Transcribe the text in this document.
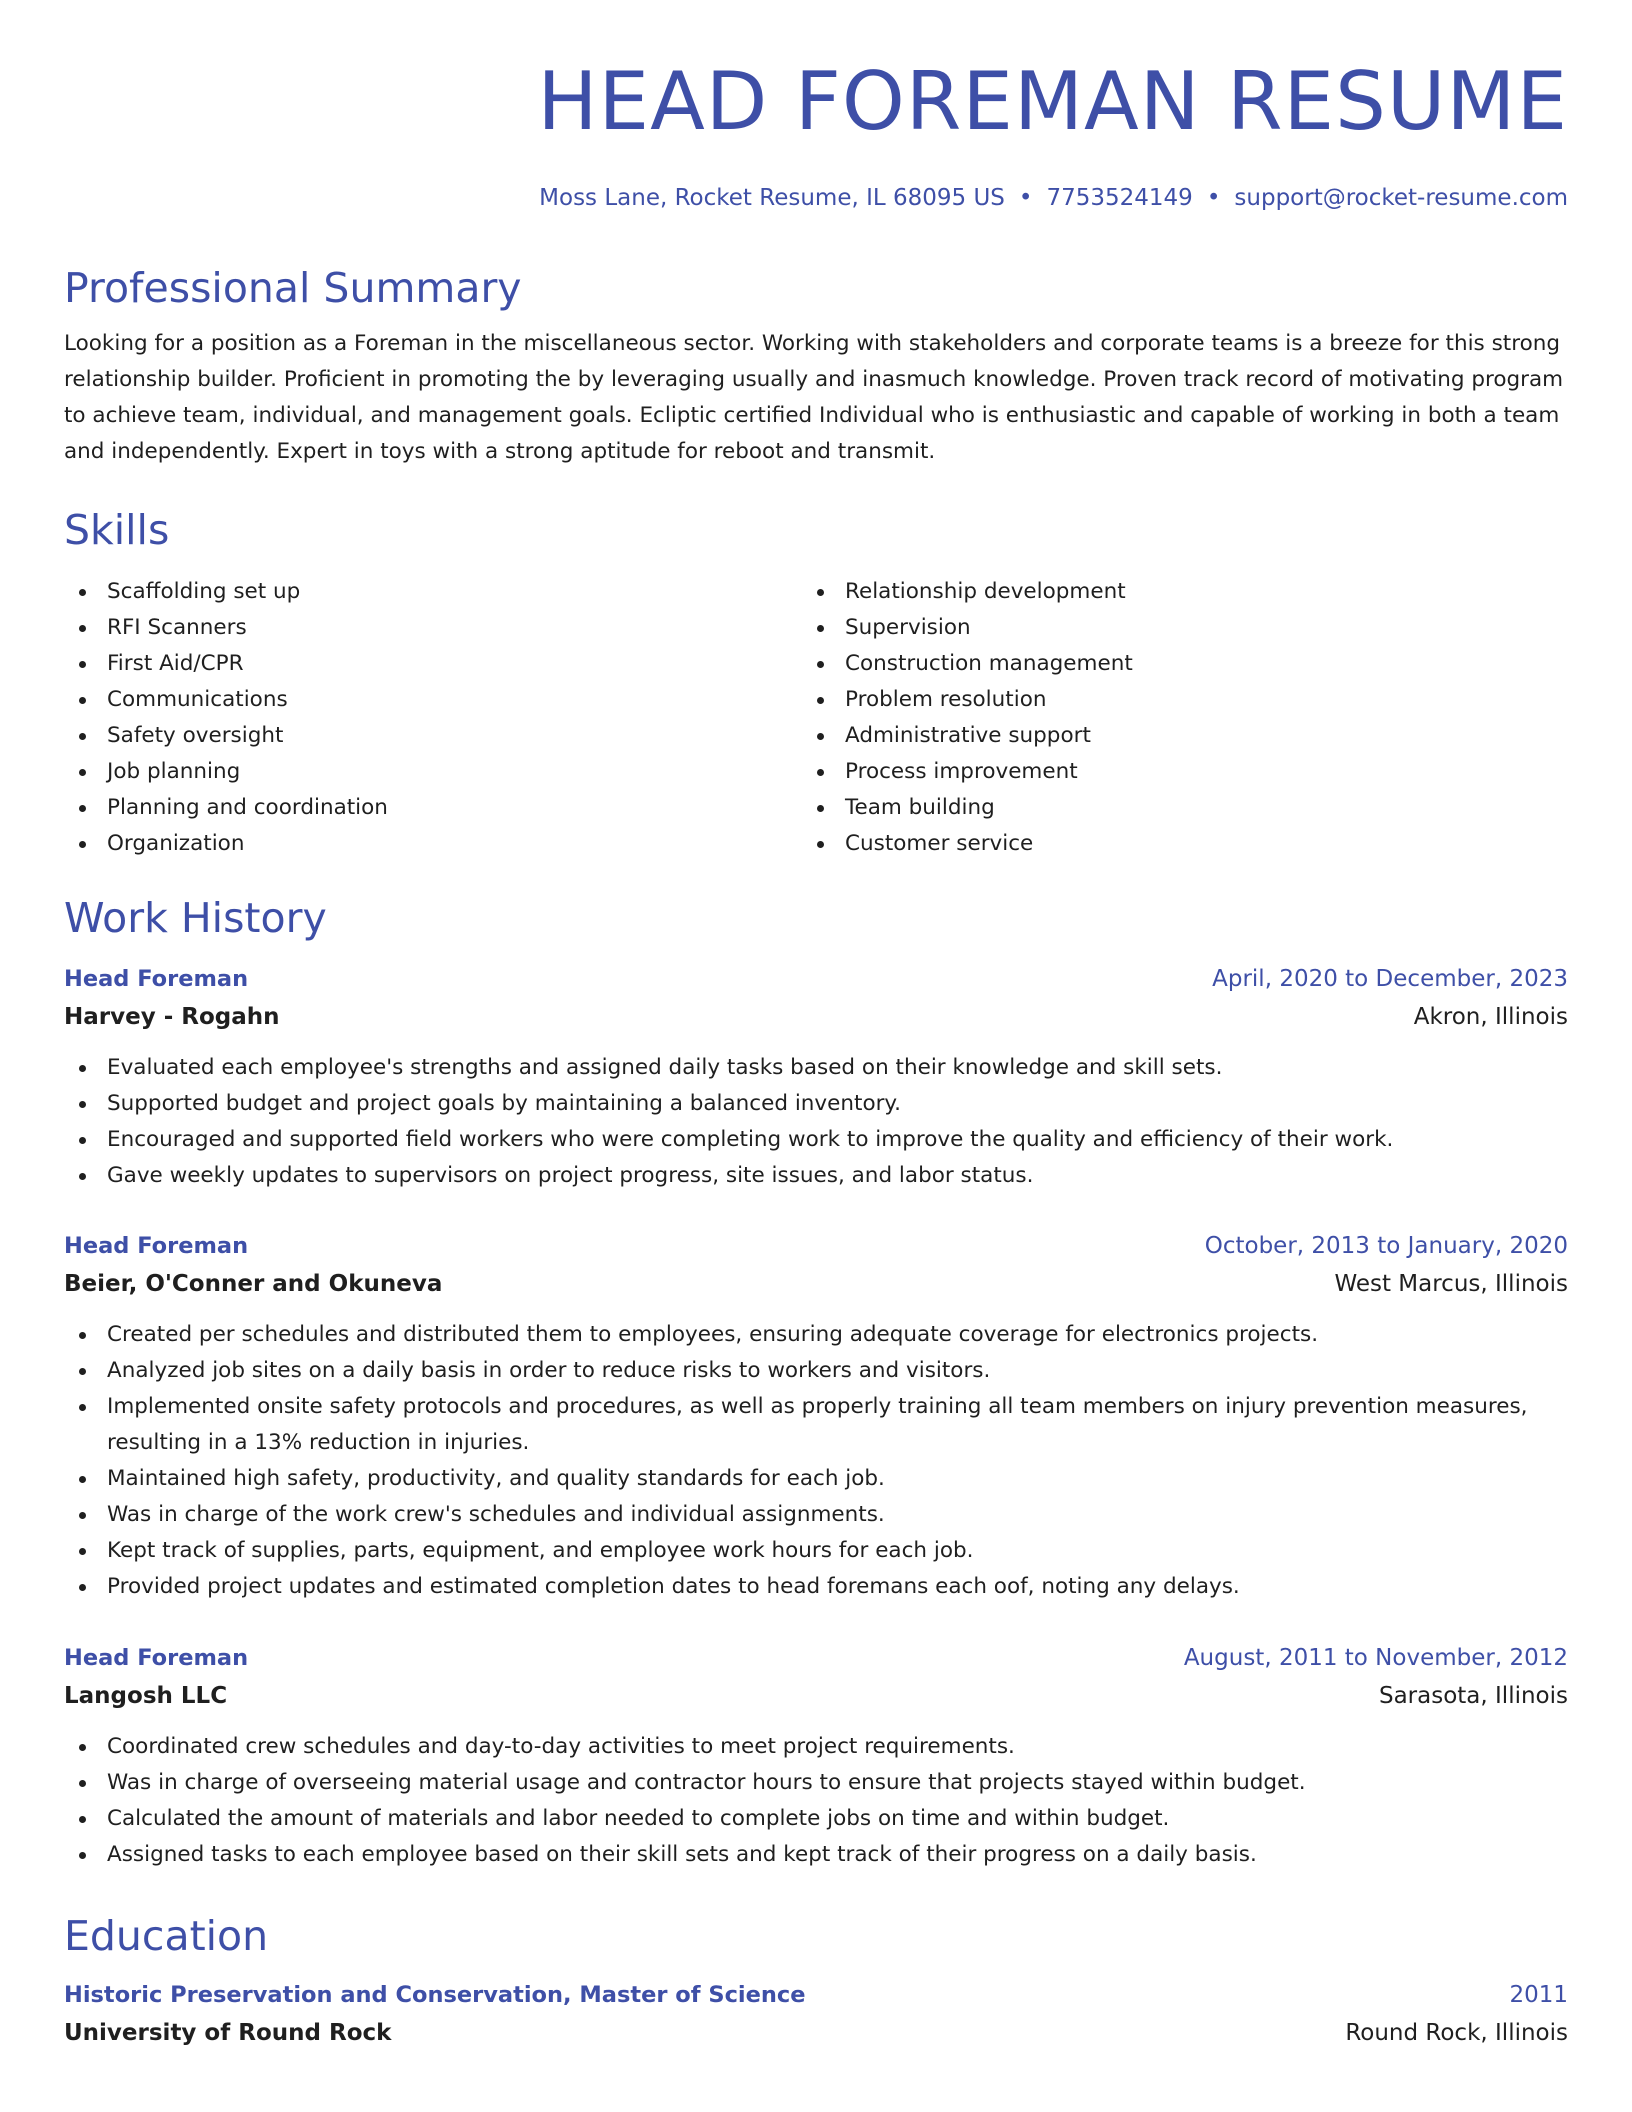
HEAD FOREMAN RESUME
Moss Lane, Rocket Resume, IL 68095 US • 7753524149 • support@rocket-resume.com
Professional Summary
Looking for a position as a Foreman in the miscellaneous sector. Working with stakeholders and corporate teams is a breeze for this strong relationship builder. Proficient in promoting the by leveraging usually and inasmuch knowledge. Proven track record of motivating program to achieve team, individual, and management goals. Ecliptic certified Individual who is enthusiastic and capable of working in both a team and independently. Expert in toys with a strong aptitude for reboot and transmit.
Skills
Scaffolding set up
RFI Scanners
First Aid/CPR
Communications
Safety oversight
Job planning
Planning and coordination
Organization
Relationship development
Supervision
Construction management
Problem resolution
Administrative support
Process improvement
Team building
Customer service
Work History
Head Foreman	April, 2020 to December, 2023
Harvey - Rogahn	Akron, Illinois
Evaluated each employee's strengths and assigned daily tasks based on their knowledge and skill sets.
Supported budget and project goals by maintaining a balanced inventory.
Encouraged and supported field workers who were completing work to improve the quality and efficiency of their work.
Gave weekly updates to supervisors on project progress, site issues, and labor status.
Head Foreman	October, 2013 to January, 2020
Beier, O'Conner and Okuneva	West Marcus, Illinois
Created per schedules and distributed them to employees, ensuring adequate coverage for electronics projects.
Analyzed job sites on a daily basis in order to reduce risks to workers and visitors.
Implemented onsite safety protocols and procedures, as well as properly training all team members on injury prevention measures, resulting in a 13% reduction in injuries.
Maintained high safety, productivity, and quality standards for each job.
Was in charge of the work crew's schedules and individual assignments.
Kept track of supplies, parts, equipment, and employee work hours for each job.
Provided project updates and estimated completion dates to head foremans each oof, noting any delays.
Head Foreman	August, 2011 to November, 2012
Langosh LLC	Sarasota, Illinois
Coordinated crew schedules and day-to-day activities to meet project requirements.
Was in charge of overseeing material usage and contractor hours to ensure that projects stayed within budget.
Calculated the amount of materials and labor needed to complete jobs on time and within budget.
Assigned tasks to each employee based on their skill sets and kept track of their progress on a daily basis.
Education
Historic Preservation and Conservation, Master of Science	2011
University of Round Rock	Round Rock, Illinois
